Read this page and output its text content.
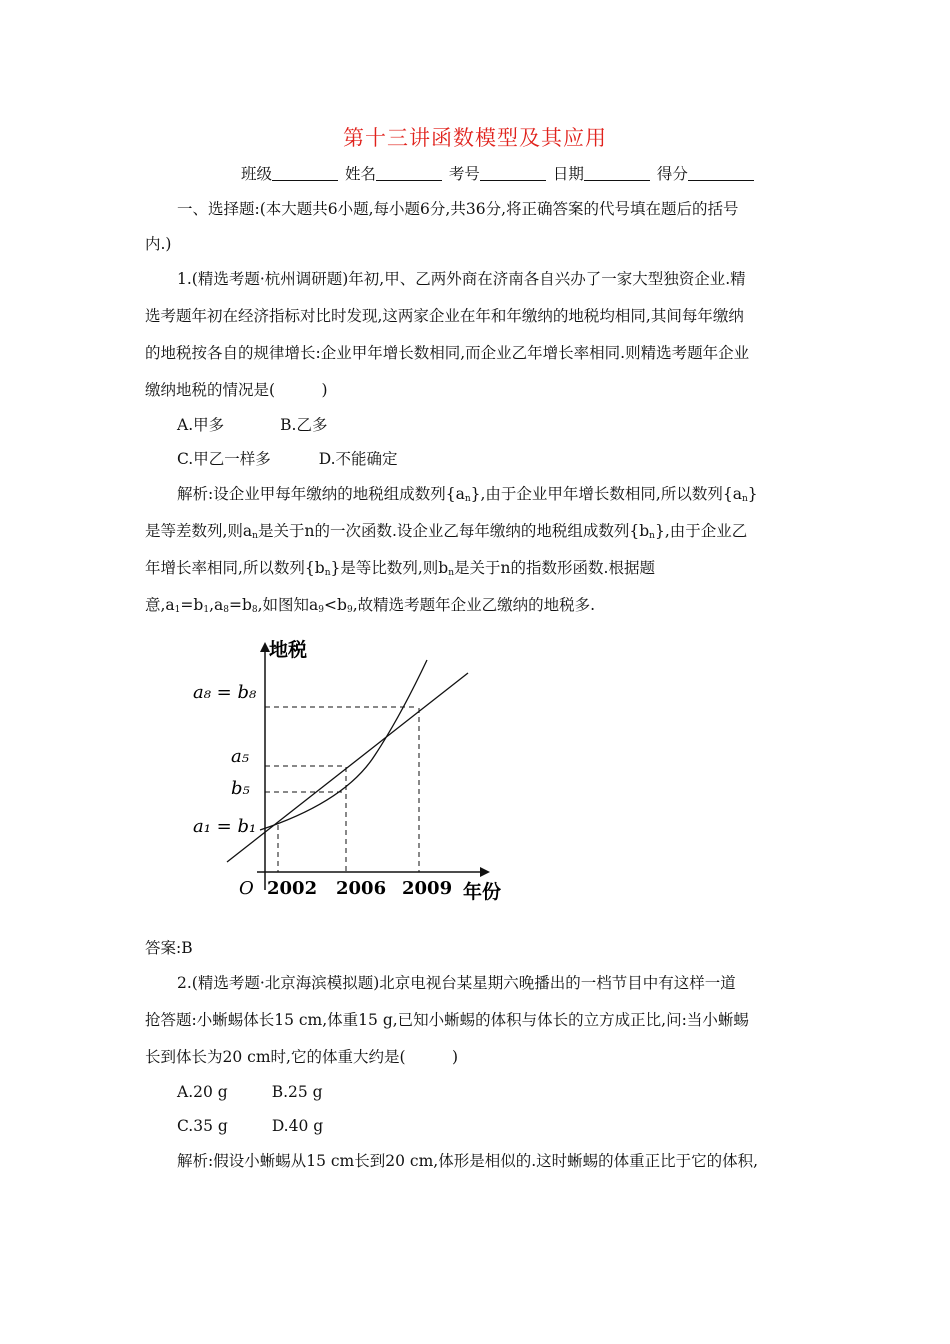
第十三讲函数模型及其应用
班级	姓名	考号	日期	得分
一、选择题:(本大题共6小题,每小题6分,共36分,将正确答案的代号填在题后的括号
内.)
1.(精选考题·杭州调研题)年初,甲、乙两外商在济南各自兴办了一家大型独资企业.精
选考题年初在经济指标对比时发现,这两家企业在年和年缴纳的地税均相同,其间每年缴纳
的地税按各自的规律增长:企业甲年增长数相同,而企业乙年增长率相同.则精选考题年企业
缴纳地税的情况是(　　　)
A.甲多	B.乙多
C.甲乙一样多	D.不能确定
解析:设企业甲每年缴纳的地税组成数列$\{a_n\}$,由于企业甲年增长数相同,所以数列$\{a_n\}$
是等差数列,则$a_n$是关于n的一次函数.设企业乙每年缴纳的地税组成数列$\{b_n\}$,由于企业乙
年增长率相同,所以数列$\{b_n\}$是等比数列,则$b_n$是关于n的指数形函数.根据题
意$,a_1=b_1,a_8=b_8$,如图知$a_9<b_9$,故精选考题年企业乙缴纳的地税多.
地税
年份
O 2002 2006 2009
a₈ = b₈
a₅
b₅
a₁ = b₁
答案:B
2.(精选考题·北京海滨模拟题)北京电视台某星期六晚播出的一档节目中有这样一道
抢答题:小蜥蜴体长15 cm,体重15 g,已知小蜥蜴的体积与体长的立方成正比,问:当小蜥蜴
长到体长为20 cm时,它的体重大约是(　　　)
A.20 g	B.25 g
C.35 g	D.40 g
解析:假设小蜥蜴从15 cm长到20 cm,体形是相似的.这时蜥蜴的体重正比于它的体积,
